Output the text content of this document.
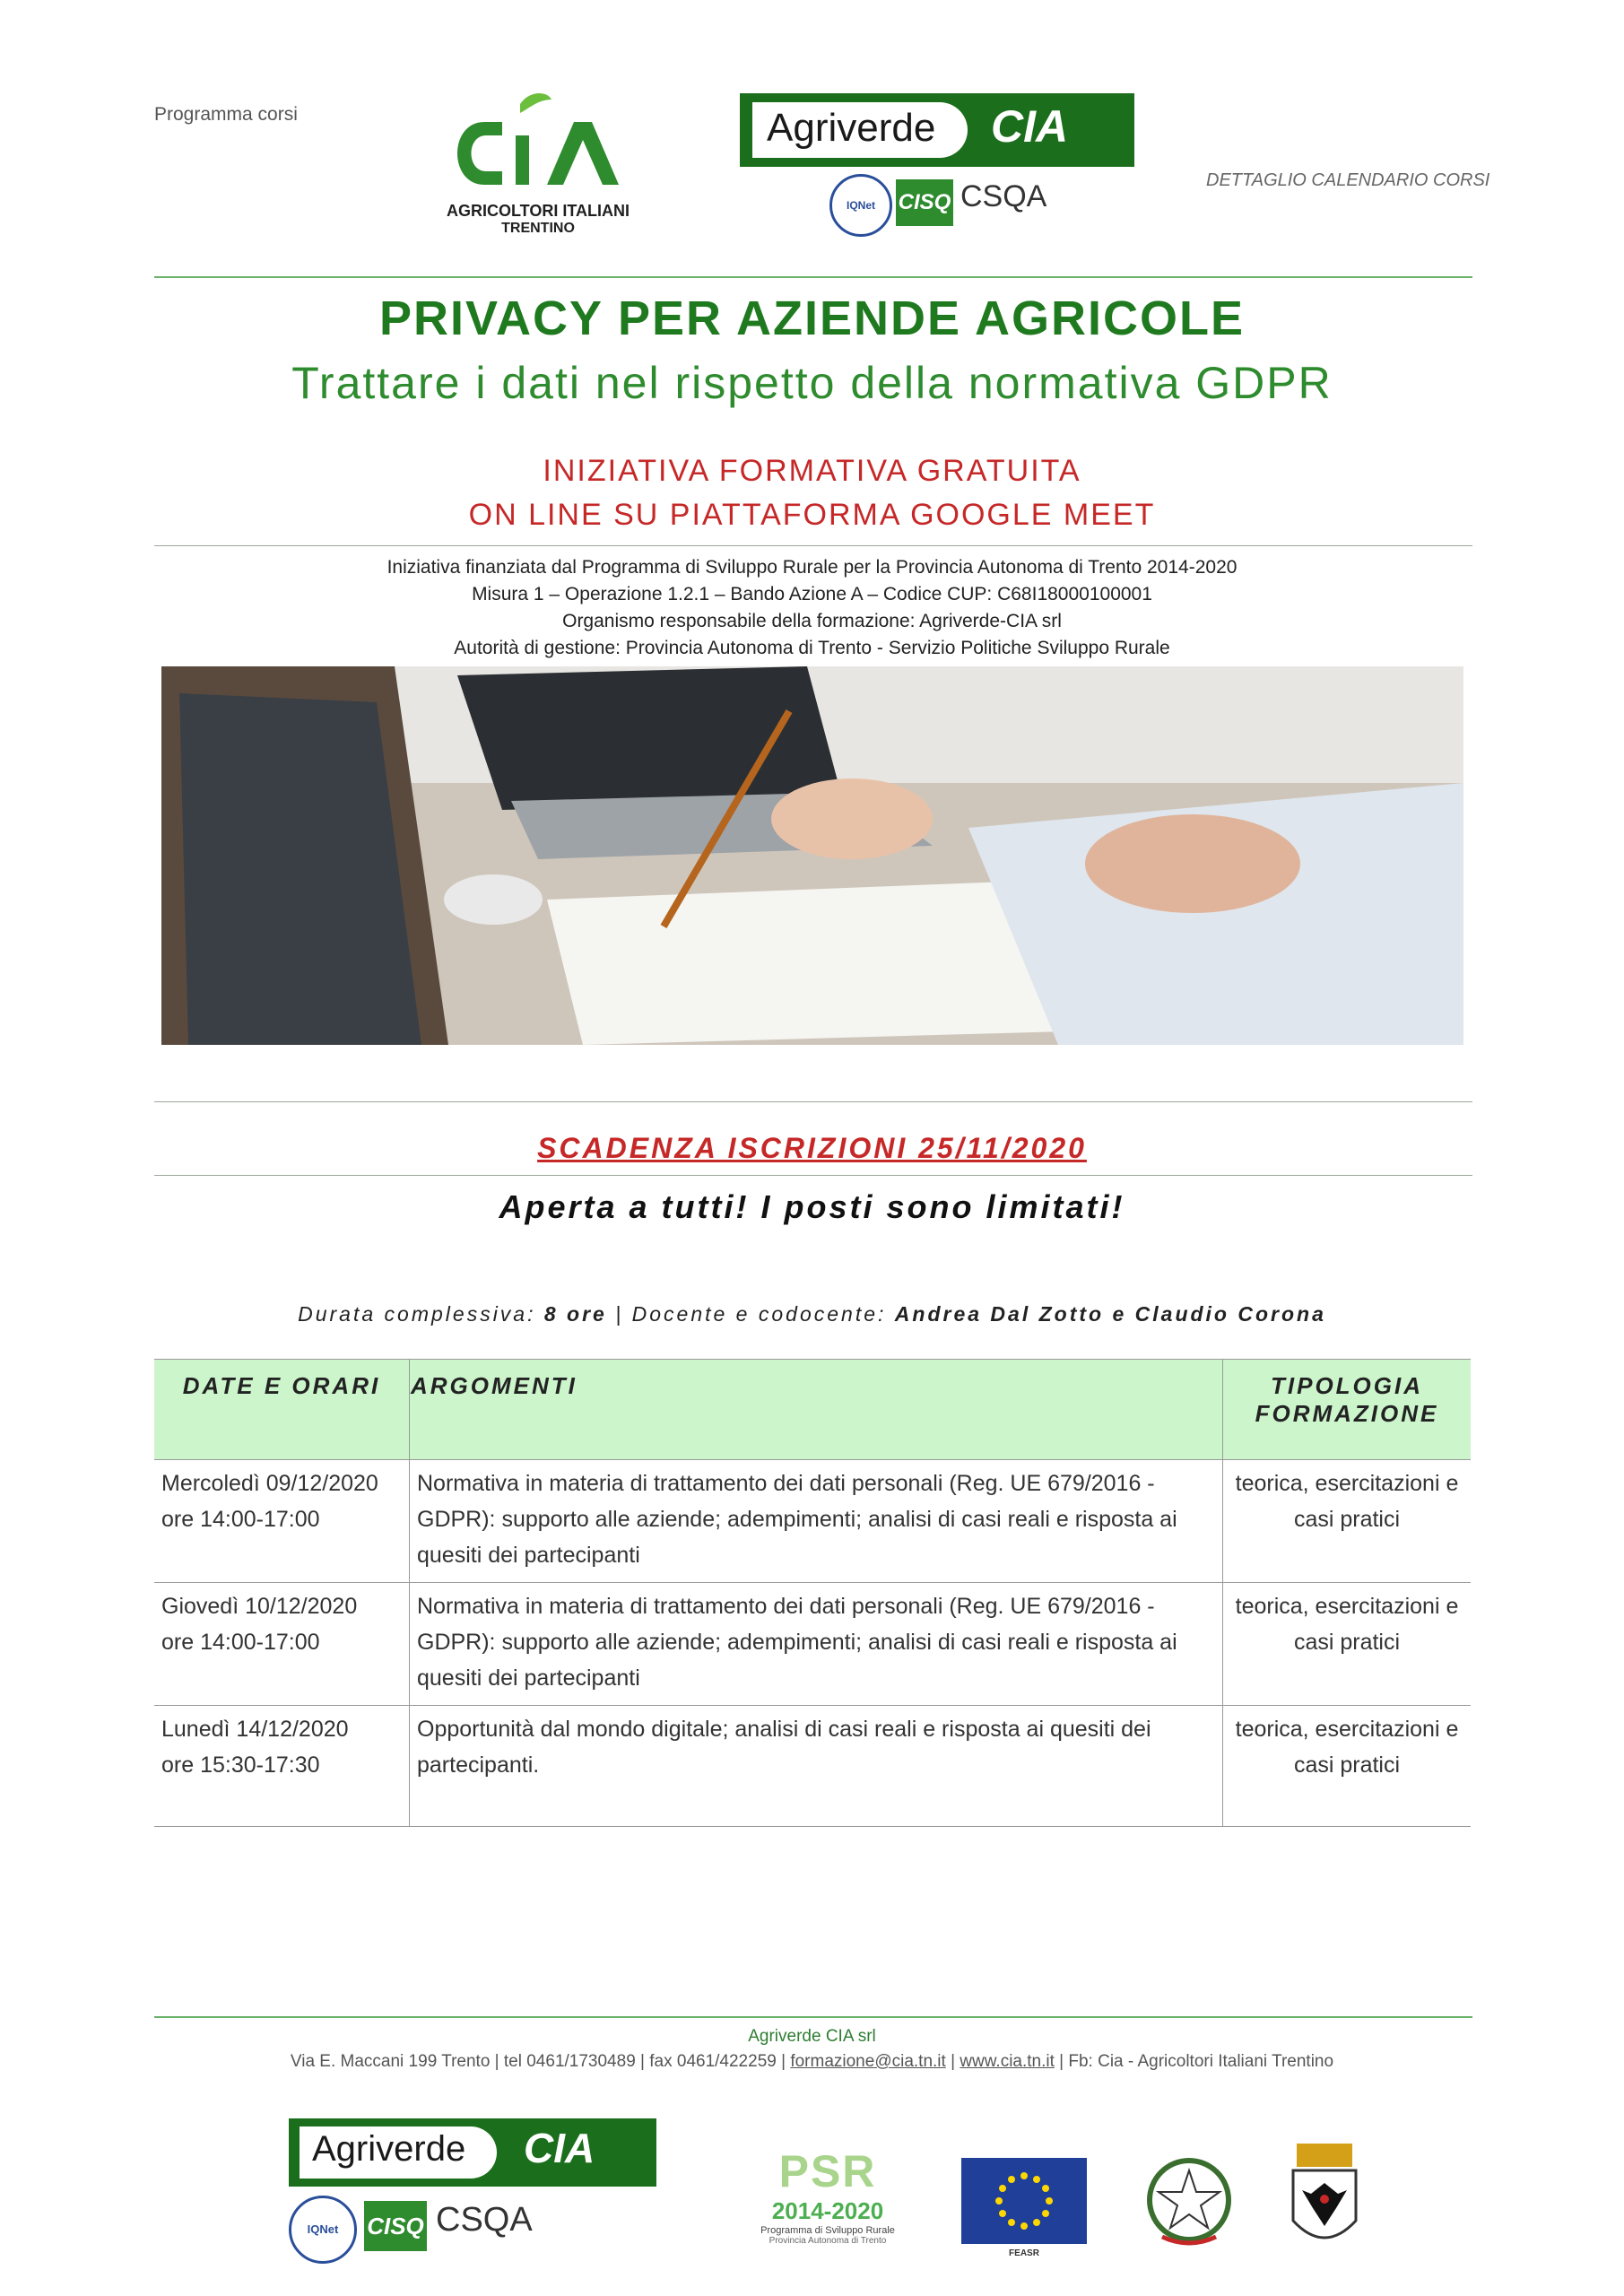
Programma corsi
AGRICOLTORI ITALIANI
TRENTINO
Agriverde CIA
IQNet	CISQ CSQA	DETTAGLIO CALENDARIO CORSI
PRIVACY PER AZIENDE AGRICOLE
Trattare i dati nel rispetto della normativa GDPR
INIZIATIVA FORMATIVA GRATUITA
ON LINE SU PIATTAFORMA GOOGLE MEET
Iniziativa finanziata dal Programma di Sviluppo Rurale per la Provincia Autonoma di Trento 2014-2020
Misura 1 – Operazione 1.2.1 – Bando Azione A – Codice CUP: C68I18000100001
Organismo responsabile della formazione: Agriverde-CIA srl
Autorità di gestione: Provincia Autonoma di Trento - Servizio Politiche Sviluppo Rurale
SCADENZA ISCRIZIONI 25/11/2020
Aperta a tutti! I posti sono limitati!
Durata complessiva: 8 ore | Docente e codocente: Andrea Dal Zotto e Claudio Corona
DATE E ORARI	ARGOMENTI	TIPOLOGIA FORMAZIONE

Mercoledì 09/12/2020
ore 14:00-17:00	Normativa in materia di trattamento dei dati personali (Reg. UE 679/2016 - GDPR): supporto alle aziende; adempimenti; analisi di casi reali e risposta ai quesiti dei partecipanti	teorica, esercitazioni e casi pratici

Giovedì 10/12/2020
ore 14:00-17:00	Normativa in materia di trattamento dei dati personali (Reg. UE 679/2016 - GDPR): supporto alle aziende; adempimenti; analisi di casi reali e risposta ai quesiti dei partecipanti	teorica, esercitazioni e casi pratici

Lunedì 14/12/2020
ore 15:30-17:30	Opportunità dal mondo digitale; analisi di casi reali e risposta ai quesiti dei partecipanti.	teorica, esercitazioni e casi pratici
Agriverde CIA srl
Via E. Maccani 199 Trento | tel 0461/1730489 | fax 0461/422259 | formazione@cia.tn.it | www.cia.tn.it | Fb: Cia - Agricoltori Italiani Trentino
Agriverde CIA
IQNet	CISQ CSQA
PSR
2014-2020
Programma di Sviluppo Rurale
Provincia Autonoma di Trento
FEASR
